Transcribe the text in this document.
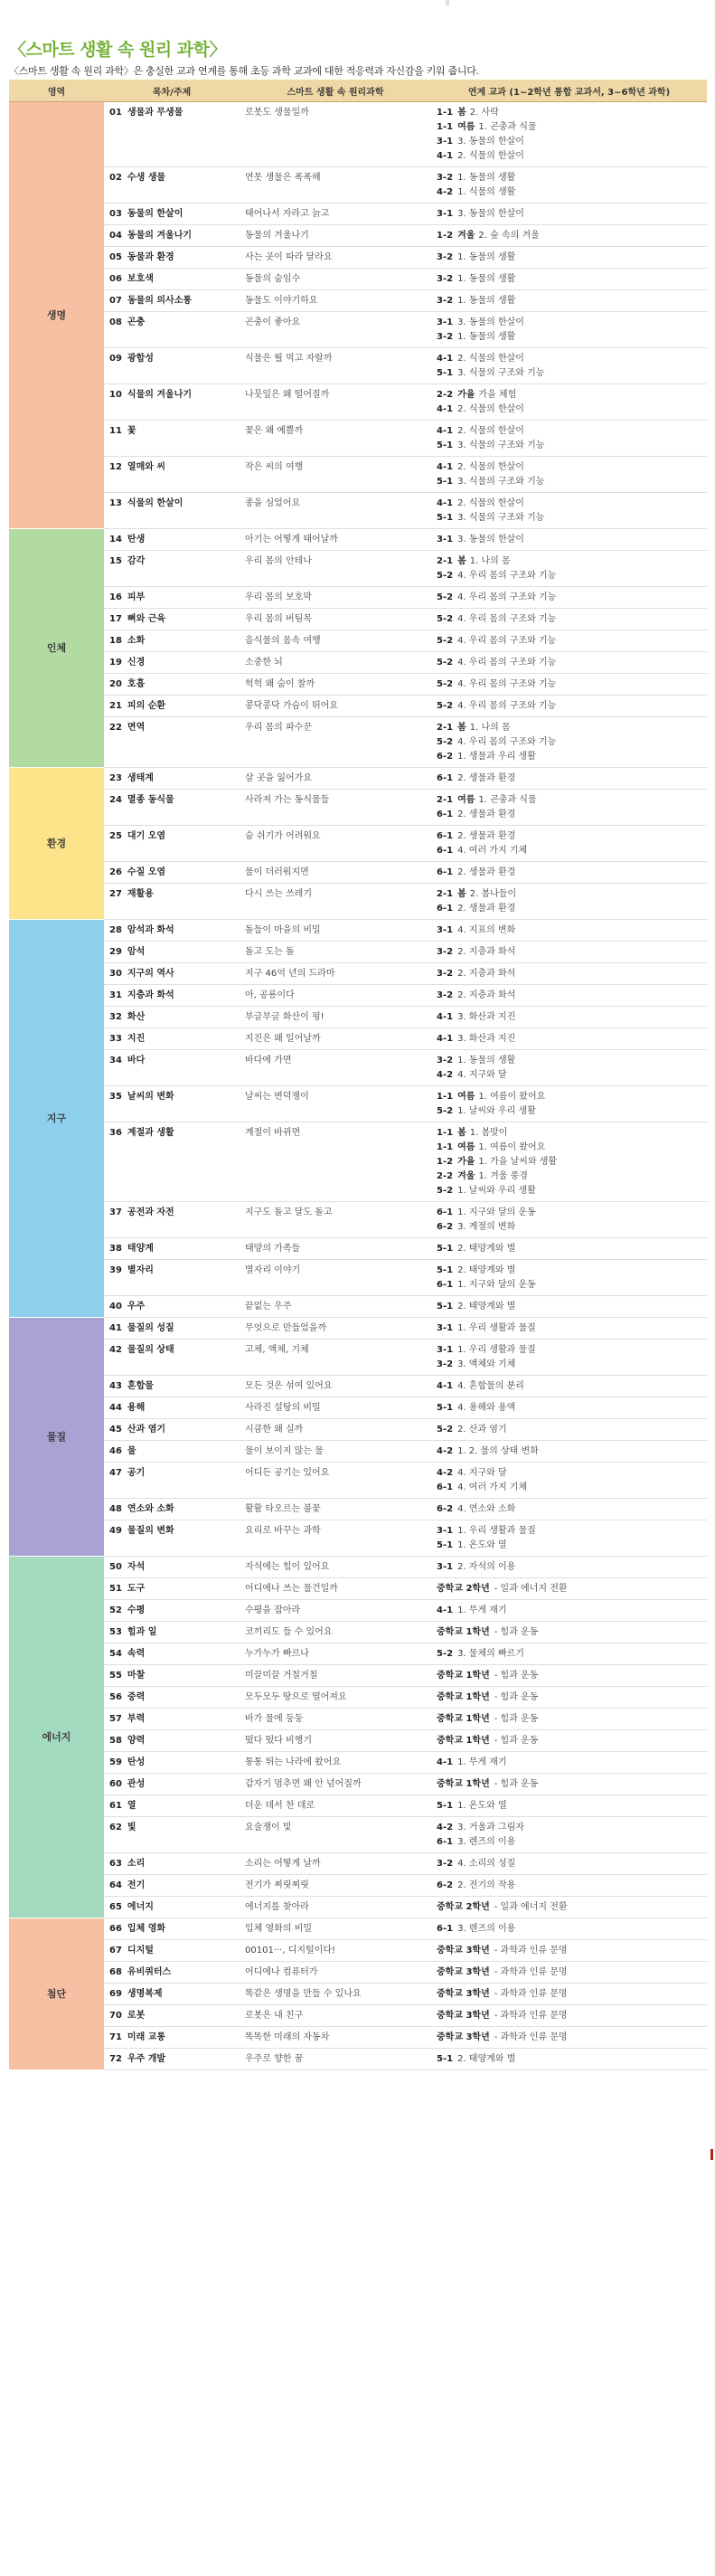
〈스마트 생활 속 원리 과학〉

〈스마트 생활 속 원리 과학〉은 충실한 교과 연계를 통해 초등 과학 교과에 대한 적응력과 자신감을 키워 줍니다.

영역	목차/주제	스마트 생활 속 원리과학	연계 교과 (1~2학년 통합 교과서, 3~6학년 과학)
생명	01 생물과 무생물	로봇도 생물일까	1-1 봄 2. 사락
1-1 여름 1. 곤충과 식물
3-1 3. 동물의 한살이
4-1 2. 식물의 한살이

	02 수생 생물	연못 생물은 폭폭해	3-2 1. 동물의 생활
4-2 1. 식물의 생활

	03 동물의 한살이	태어나서 자라고 늙고	3-1 3. 동물의 한살이

	04 동물의 겨울나기	동물의 겨울나기	1-2 겨울 2. 숲 속의 겨울

	05 동물과 환경	사는 곳이 따라 달라요	3-2 1. 동물의 생활

	06 보호색	동물의 숨임수	3-2 1. 동물의 생활

	07 동물의 의사소통	동물도 이야기하요	3-2 1. 동물의 생활

	08 곤충	곤충이 좋아요	3-1 3. 동물의 한살이
3-2 1. 동물의 생활

	09 광합성	식물은 뭘 먹고 자랄까	4-1 2. 식물의 한살이
5-1 3. 식물의 구조와 기능

	10 식물의 겨울나기	나뭇잎은 왜 떨어질까	2-2 가을 가을 체험
4-1 2. 식물의 한살이

	11 꽃	꽃은 왜 예쁠까	4-1 2. 식물의 한살이
5-1 3. 식물의 구조와 기능

	12 열매와 씨	작은 씨의 여행	4-1 2. 식물의 한살이
5-1 3. 식물의 구조와 기능

	13 식물의 한살이	종을 심었어요	4-1 2. 식물의 한살이
5-1 3. 식물의 구조와 기능

인체	14 탄생	아기는 어떻게 태어날까	3-1 3. 동물의 한살이

	15 감각	우리 몸의 안테나	2-1 봄 1. 나의 몸
5-2 4. 우리 몸의 구조와 기능

	16 피부	우리 몸의 보호막	5-2 4. 우리 몸의 구조와 기능

	17 뼈와 근육	우리 몸의 버팀목	5-2 4. 우리 몸의 구조와 기능

	18 소화	음식물의 몸속 여행	5-2 4. 우리 몸의 구조와 기능

	19 신경	소중한 뇌	5-2 4. 우리 몸의 구조와 기능

	20 호흡	헉헉 왜 숨이 찰까	5-2 4. 우리 몸의 구조와 기능

	21 피의 순환	콩닥콩닥 가슴이 뛰어요	5-2 4. 우리 몸의 구조와 기능

	22 면역	우리 몸의 파수꾼	2-1 봄 1. 나의 몸
5-2 4. 우리 몸의 구조와 기능
6-2 1. 생물과 우리 생활

환경	23 생태계	살 곳을 잃어가요	6-1 2. 생물과 환경

	24 멸종 동식물	사라져 가는 동식물들	2-1 여름 1. 곤충과 식물
6-1 2. 생물과 환경

	25 대기 오염	숨 쉬기가 어려워요	6-1 2. 생물과 환경
6-1 4. 여러 가지 기체

	26 수질 오염	물이 더러워지면	6-1 2. 생물과 환경

	27 재활용	다시 쓰는 쓰레기	2-1 봄 2. 봄나들이
6-1 2. 생물과 환경

지구	28 암석과 화석	돌들이 마을의 비밀	3-1 4. 지표의 변화

	29 암석	돌고 도는 돌	3-2 2. 지층과 화석

	30 지구의 역사	지구 46억 년의 드라마	3-2 2. 지층과 화석

	31 지층과 화석	아, 공룡이다	3-2 2. 지층과 화석

	32 화산	부글부글 화산이 펑!	4-1 3. 화산과 지진

	33 지진	지진은 왜 일어날까	4-1 3. 화산과 지진

	34 바다	바다에 가면	3-2 1. 동물의 생활
4-2 4. 지구와 달

	35 날씨의 변화	날씨는 변덕쟁이	1-1 여름 1. 여름이 왔어요
5-2 1. 날씨와 우리 생활

	36 계절과 생활	계절이 바뀌면	1-1 봄 1. 봄맞이
1-1 여름 1. 여름이 왔어요
1-2 가을 1. 가을 날씨와 생활
2-2 겨울 1. 겨울 풍경
5-2 1. 날씨와 우리 생활

	37 공전과 자전	지구도 돌고 달도 돌고	6-1 1. 지구와 달의 운동
6-2 3. 계절의 변화

	38 태양계	태양의 가족들	5-1 2. 태양계와 별

	39 별자리	별자리 이야기	5-1 2. 태양계와 별
6-1 1. 지구와 달의 운동

	40 우주	끝없는 우주	5-1 2. 태양계와 별

물질	41 물질의 성질	무엇으로 만들었을까	3-1 1. 우리 생활과 물질

	42 물질의 상태	고체, 액체, 기체	3-1 1. 우리 생활과 물질
3-2 3. 액체와 기체

	43 혼합물	모든 것은 섞여 있어요	4-1 4. 혼합물의 분리

	44 용해	사라진 설탕의 비밀	5-1 4. 용해와 용액

	45 산과 염기	시큼한 왜 실까	5-2 2. 산과 염기

	46 물	물이 보이지 않는 물	4-2 1. 2. 물의 상태 변화

	47 공기	어디든 공기는 있어요	4-2 4. 지구와 달
6-1 4. 여러 가지 기체

	48 연소와 소화	활활 타오르는 불꽃	6-2 4. 연소와 소화

	49 물질의 변화	요리로 바꾸는 과학	3-1 1. 우리 생활과 물질
5-1 1. 온도와 열

에너지	50 자석	자석에는 힘이 있어요	3-1 2. 자석의 이용

	51 도구	어디에나 쓰는 물건일까	중학교 2학년 - 일과 에너지 전환

	52 수평	수평을 잡아라	4-1 1. 무게 재기

	53 힘과 일	코끼리도 들 수 있어요	중학교 1학년 - 힘과 운동

	54 속력	누가누가 빠르나	5-2 3. 물체의 빠르기

	55 마찰	미끌미끌 거칠거칠	중학교 1학년 - 힘과 운동

	56 중력	모두모두 땅으로 떨어져요	중학교 1학년 - 힘과 운동

	57 부력	바가 물에 둥둥	중학교 1학년 - 힘과 운동

	58 양력	떴다 떴다 비행기	중학교 1학년 - 힘과 운동

	59 탄성	통통 튀는 나라에 왔어요	4-1 1. 무게 재기

	60 관성	갑자기 멈추면 왜 안 넘어질까	중학교 1학년 - 힘과 운동

	61 열	더운 데서 찬 데로	5-1 1. 온도와 열

	62 빛	요술쟁이 빛	4-2 3. 거울과 그림자
6-1 3. 렌즈의 이용

	63 소리	소리는 어떻게 날까	3-2 4. 소리의 성질

	64 전기	전기가 찌릿찌릿	6-2 2. 전기의 작용

	65 에너지	에너지를 찾아라	중학교 2학년 - 일과 에너지 전환

첨단	66 입체 영화	입체 영화의 비밀	6-1 3. 렌즈의 이용

	67 디지털	00101···, 디지털이다!	중학교 3학년 - 과학과 인류 문명

	68 유비쿼터스	어디에나 컴퓨터가	중학교 3학년 - 과학과 인류 문명

	69 생명복제	똑같은 생명을 만들 수 있나요	중학교 3학년 - 과학과 인류 문명

	70 로봇	로봇은 내 친구	중학교 3학년 - 과학과 인류 문명

	71 미래 교통	똑똑한 미래의 자동차	중학교 3학년 - 과학과 인류 문명

	72 우주 개발	우주로 향한 꿈	5-1 2. 태양계와 별
